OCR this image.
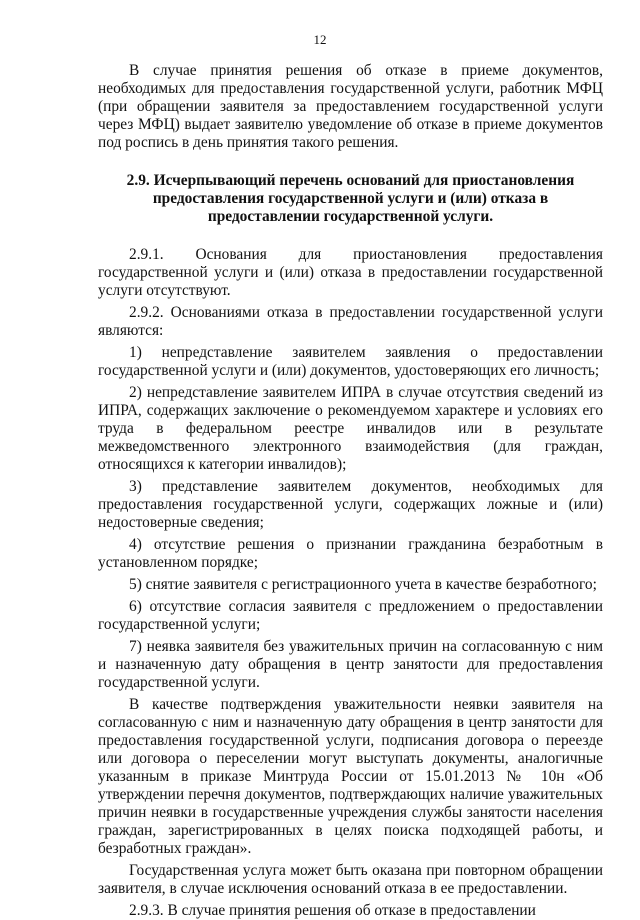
12

В случае принятия решения об отказе в приеме документов, необходимых для предоставления государственной услуги, работник МФЦ (при обращении заявителя за предоставлением государственной услуги через МФЦ) выдает заявителю уведомление об отказе в приеме документов под роспись в день принятия такого решения.

2.9. Исчерпывающий перечень оснований для приостановления предоставления государственной услуги и (или) отказа в предоставлении государственной услуги.

2.9.1. Основания для приостановления предоставления государственной услуги и (или) отказа в предоставлении государственной услуги отсутствуют.

2.9.2. Основаниями отказа в предоставлении государственной услуги являются:

1) непредставление заявителем заявления о предоставлении государственной услуги и (или) документов, удостоверяющих его личность;

2) непредставление заявителем ИПРА в случае отсутствия сведений из ИПРА, содержащих заключение о рекомендуемом характере и условиях его труда в федеральном реестре инвалидов или в результате межведомственного электронного взаимодействия (для граждан, относящихся к категории инвалидов);

3) представление заявителем документов, необходимых для предоставления государственной услуги, содержащих ложные и (или) недостоверные сведения;

4) отсутствие решения о признании гражданина безработным в установленном порядке;

5) снятие заявителя с регистрационного учета в качестве безработного;

6) отсутствие согласия заявителя с предложением о предоставлении государственной услуги;

7) неявка заявителя без уважительных причин на согласованную с ним и назначенную дату обращения в центр занятости для предоставления государственной услуги.

В качестве подтверждения уважительности неявки заявителя на согласованную с ним и назначенную дату обращения в центр занятости для предоставления государственной услуги, подписания договора о переезде или договора о переселении могут выступать документы, аналогичные указанным в приказе Минтруда России от 15.01.2013 № 10н «Об утверждении перечня документов, подтверждающих наличие уважительных причин неявки в государственные учреждения службы занятости населения граждан, зарегистрированных в целях поиска подходящей работы, и безработных граждан».

Государственная услуга может быть оказана при повторном обращении заявителя, в случае исключения оснований отказа в ее предоставлении.

2.9.3. В случае принятия решения об отказе в предоставлении
